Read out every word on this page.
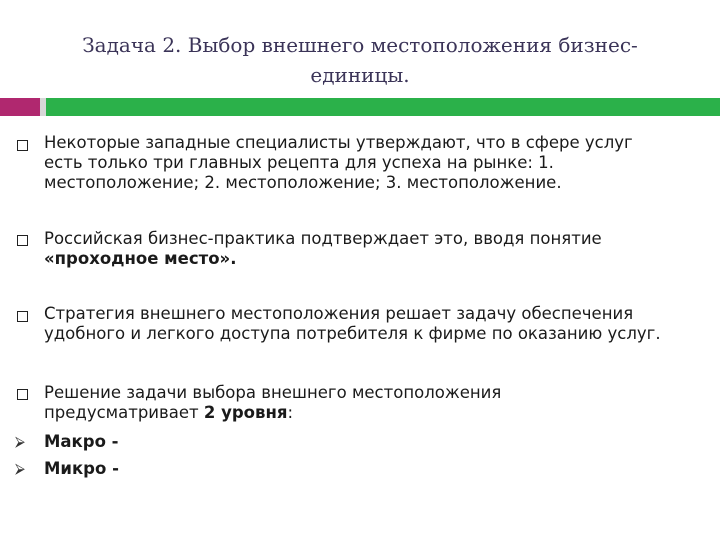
Задача 2. Выбор внешнего местоположения бизнес-
единицы.
Некоторые западные специалисты утверждают, что в сфере услуг
есть только три главных рецепта для успеха на рынке: 1.
местоположение; 2. местоположение; 3. местоположение.
Российская бизнес-практика подтверждает это, вводя понятие
«проходное место».
Стратегия внешнего местоположения решает задачу обеспечения
удобного и легкого доступа потребителя к фирме по оказанию услуг.
Решение задачи выбора внешнего местоположения
предусматривает 2 уровня:
⮚ Макро -
⮚ Микро -
